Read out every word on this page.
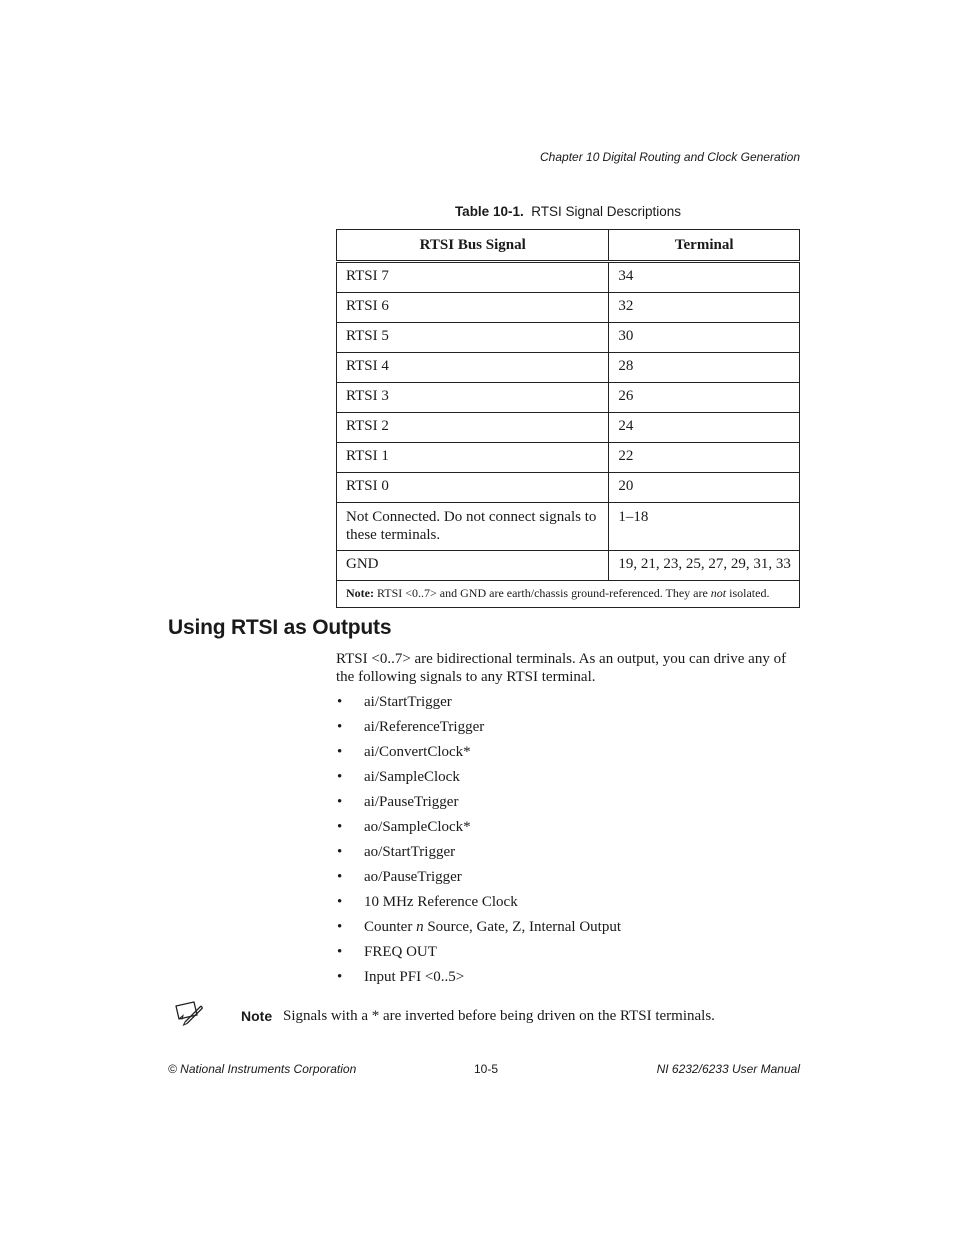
Chapter 10 Digital Routing and Clock Generation
Table 10-1. RTSI Signal Descriptions
RTSI Bus Signal	Terminal
RTSI 7	34
RTSI 6	32
RTSI 5	30
RTSI 4	28
RTSI 3	26
RTSI 2	24
RTSI 1	22
RTSI 0	20
Not Connected. Do not connect signals to these terminals.	1–18
GND	19, 21, 23, 25, 27, 29, 31, 33
Note: RTSI <0..7> and GND are earth/chassis ground-referenced. They are not isolated.	
Using RTSI as Outputs
RTSI <0..7> are bidirectional terminals. As an output, you can drive any of the following signals to any RTSI terminal.
• ai/StartTrigger
• ai/ReferenceTrigger
• ai/ConvertClock*
• ai/SampleClock
• ai/PauseTrigger
• ao/SampleClock*
• ao/StartTrigger
• ao/PauseTrigger
• 10 MHz Reference Clock
• Counter n Source, Gate, Z, Internal Output
• FREQ OUT
• Input PFI <0..5>
Note Signals with a * are inverted before being driven on the RTSI terminals.
© National Instruments Corporation	10-5	NI 6232/6233 User Manual
